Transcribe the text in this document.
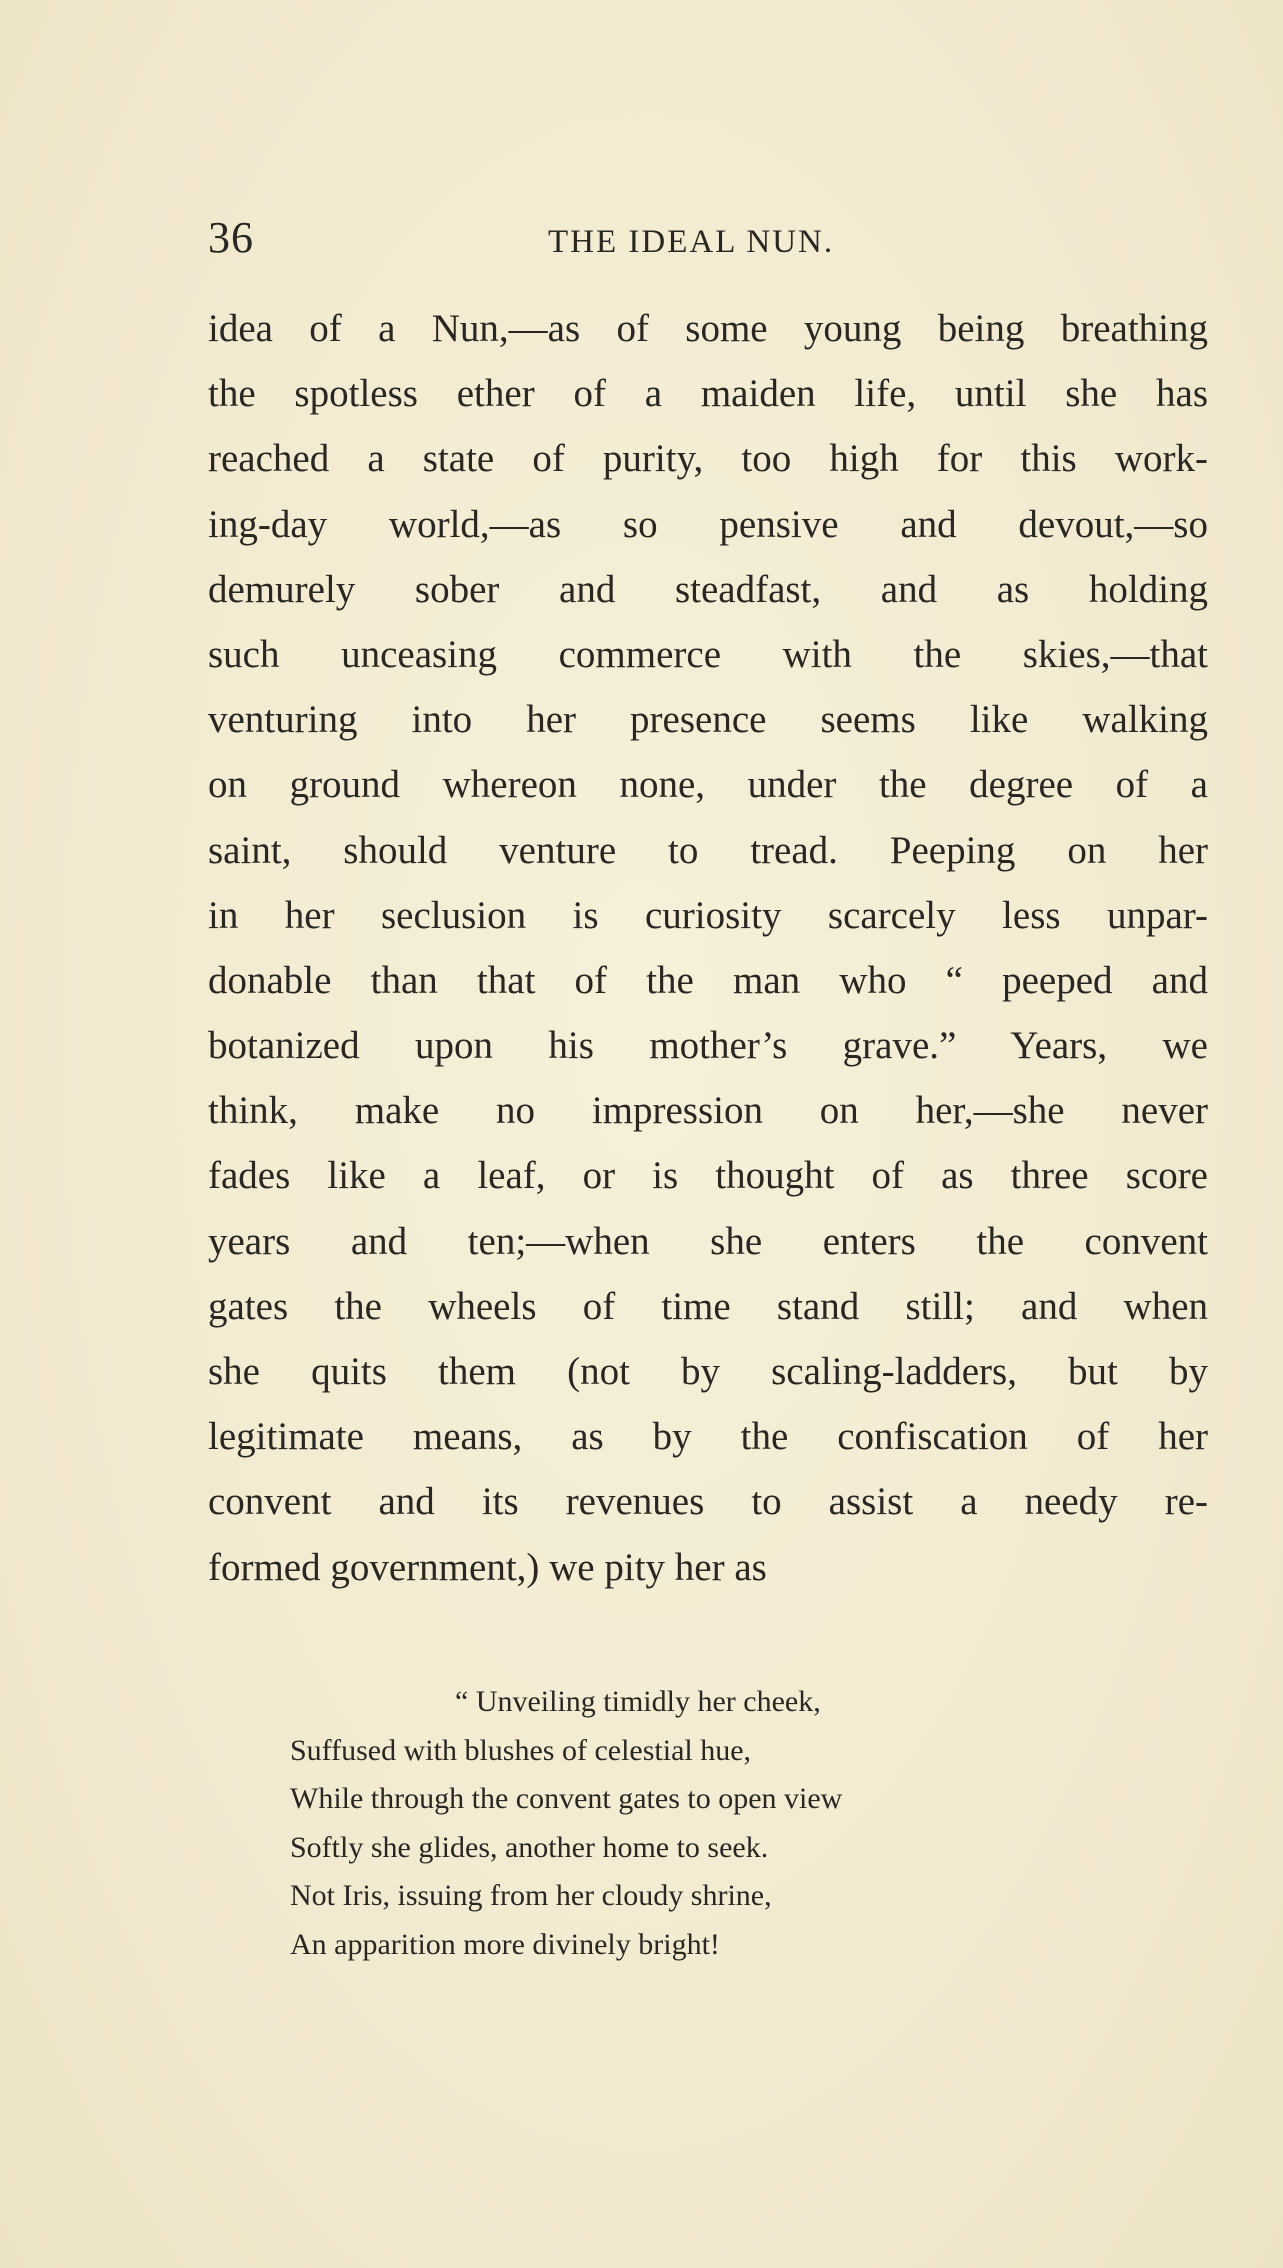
36	THE IDEAL NUN.
idea of a Nun,—as of some young being breathing
the spotless ether of a maiden life, until she has
reached a state of purity, too high for this work-
ing-day world,—as so pensive and devout,—so
demurely sober and steadfast, and as holding
such unceasing commerce with the skies,—that
venturing into her presence seems like walking
on ground whereon none, under the degree of a
saint, should venture to tread. Peeping on her
in her seclusion is curiosity scarcely less unpar-
donable than that of the man who “ peeped and
botanized upon his mother’s grave.” Years, we
think, make no impression on her,—she never
fades like a leaf, or is thought of as three score
years and ten;—when she enters the convent
gates the wheels of time stand still; and when
she quits them (not by scaling-ladders, but by
legitimate means, as by the confiscation of her
convent and its revenues to assist a needy re-
formed government,) we pity her as
“ Unveiling timidly her cheek,
Suffused with blushes of celestial hue,
While through the convent gates to open view
Softly she glides, another home to seek.
Not Iris, issuing from her cloudy shrine,
An apparition more divinely bright!
